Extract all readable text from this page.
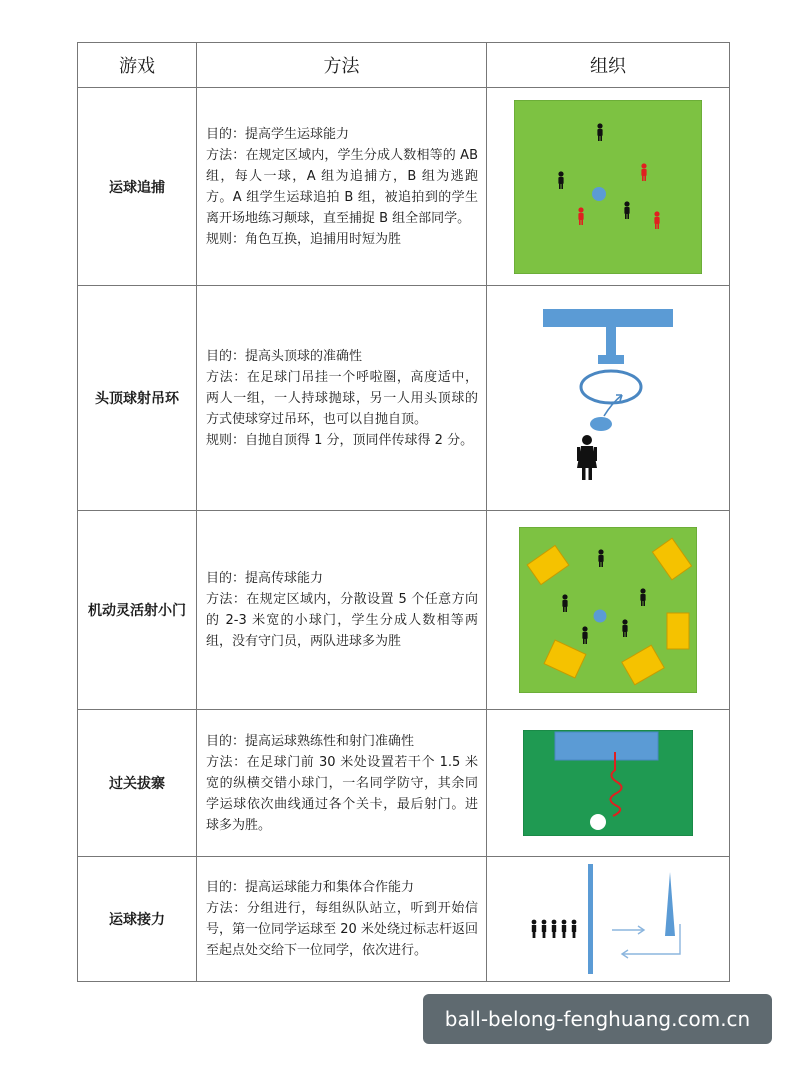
游戏	方法	组织
运球追捕	目的：提高学生运球能力
方法：在规定区域内，学生分成人数相等的 AB 组，每人一球，A 组为追捕方，B 组为逃跑方。A 组学生运球追拍 B 组，被追拍到的学生离开场地练习颠球，直至捕捉 B 组全部同学。
规则：角色互换，追捕用时短为胜

头顶球射吊环	目的：提高头顶球的准确性
方法：在足球门吊挂一个呼啦圈，高度适中，两人一组，一人持球抛球，另一人用头顶球的方式使球穿过吊环，也可以自抛自顶。
规则：自抛自顶得 1 分，顶同伴传球得 2 分。

机动灵活射小门	目的：提高传球能力
方法：在规定区域内，分散设置 5 个任意方向的 2-3 米宽的小球门，学生分成人数相等两组，没有守门员，两队进球多为胜

过关拔寨	目的：提高运球熟练性和射门准确性
方法：在足球门前 30 米处设置若干个 1.5 米宽的纵横交错小球门，一名同学防守，其余同学运球依次曲线通过各个关卡，最后射门。进球多为胜。

运球接力	目的：提高运球能力和集体合作能力
方法：分组进行，每组纵队站立，听到开始信号，第一位同学运球至 20 米处绕过标志杆返回至起点处交给下一位同学，依次进行。

ball-belong-fenghuang.com.cn
